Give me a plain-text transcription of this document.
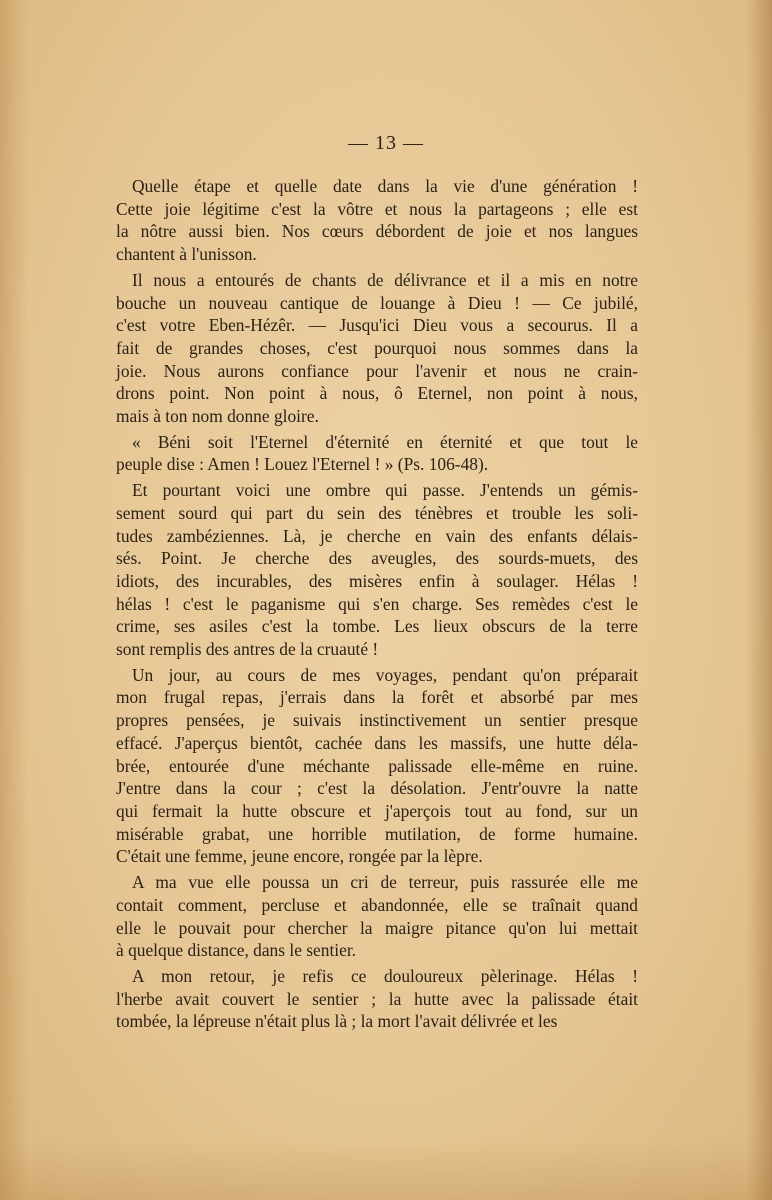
— 13 —

Quelle étape et quelle date dans la vie d'une génération !
Cette joie légitime c'est la vôtre et nous la partageons ; elle est
la nôtre aussi bien. Nos cœurs débordent de joie et nos langues
chantent à l'unisson.

Il nous a entourés de chants de délivrance et il a mis en notre
bouche un nouveau cantique de louange à Dieu ! — Ce jubilé,
c'est votre Eben-Hézêr. — Jusqu'ici Dieu vous a secourus. Il a
fait de grandes choses, c'est pourquoi nous sommes dans la
joie. Nous aurons confiance pour l'avenir et nous ne crain-
drons point. Non point à nous, ô Eternel, non point à nous,
mais à ton nom donne gloire.

« Béni soit l'Eternel d'éternité en éternité et que tout le
peuple dise : Amen ! Louez l'Eternel ! » (Ps. 106-48).

Et pourtant voici une ombre qui passe. J'entends un gémis-
sement sourd qui part du sein des ténèbres et trouble les soli-
tudes zambéziennes. Là, je cherche en vain des enfants délais-
sés. Point. Je cherche des aveugles, des sourds-muets, des
idiots, des incurables, des misères enfin à soulager. Hélas !
hélas ! c'est le paganisme qui s'en charge. Ses remèdes c'est le
crime, ses asiles c'est la tombe. Les lieux obscurs de la terre
sont remplis des antres de la cruauté !

Un jour, au cours de mes voyages, pendant qu'on préparait
mon frugal repas, j'errais dans la forêt et absorbé par mes
propres pensées, je suivais instinctivement un sentier presque
effacé. J'aperçus bientôt, cachée dans les massifs, une hutte déla-
brée, entourée d'une méchante palissade elle-même en ruine.
J'entre dans la cour ; c'est la désolation. J'entr'ouvre la natte
qui fermait la hutte obscure et j'aperçois tout au fond, sur un
misérable grabat, une horrible mutilation, de forme humaine.
C'était une femme, jeune encore, rongée par la lèpre.

A ma vue elle poussa un cri de terreur, puis rassurée elle me
contait comment, percluse et abandonnée, elle se traînait quand
elle le pouvait pour chercher la maigre pitance qu'on lui mettait
à quelque distance, dans le sentier.

A mon retour, je refis ce douloureux pèlerinage. Hélas !
l'herbe avait couvert le sentier ; la hutte avec la palissade était
tombée, la lépreuse n'était plus là ; la mort l'avait délivrée et les
